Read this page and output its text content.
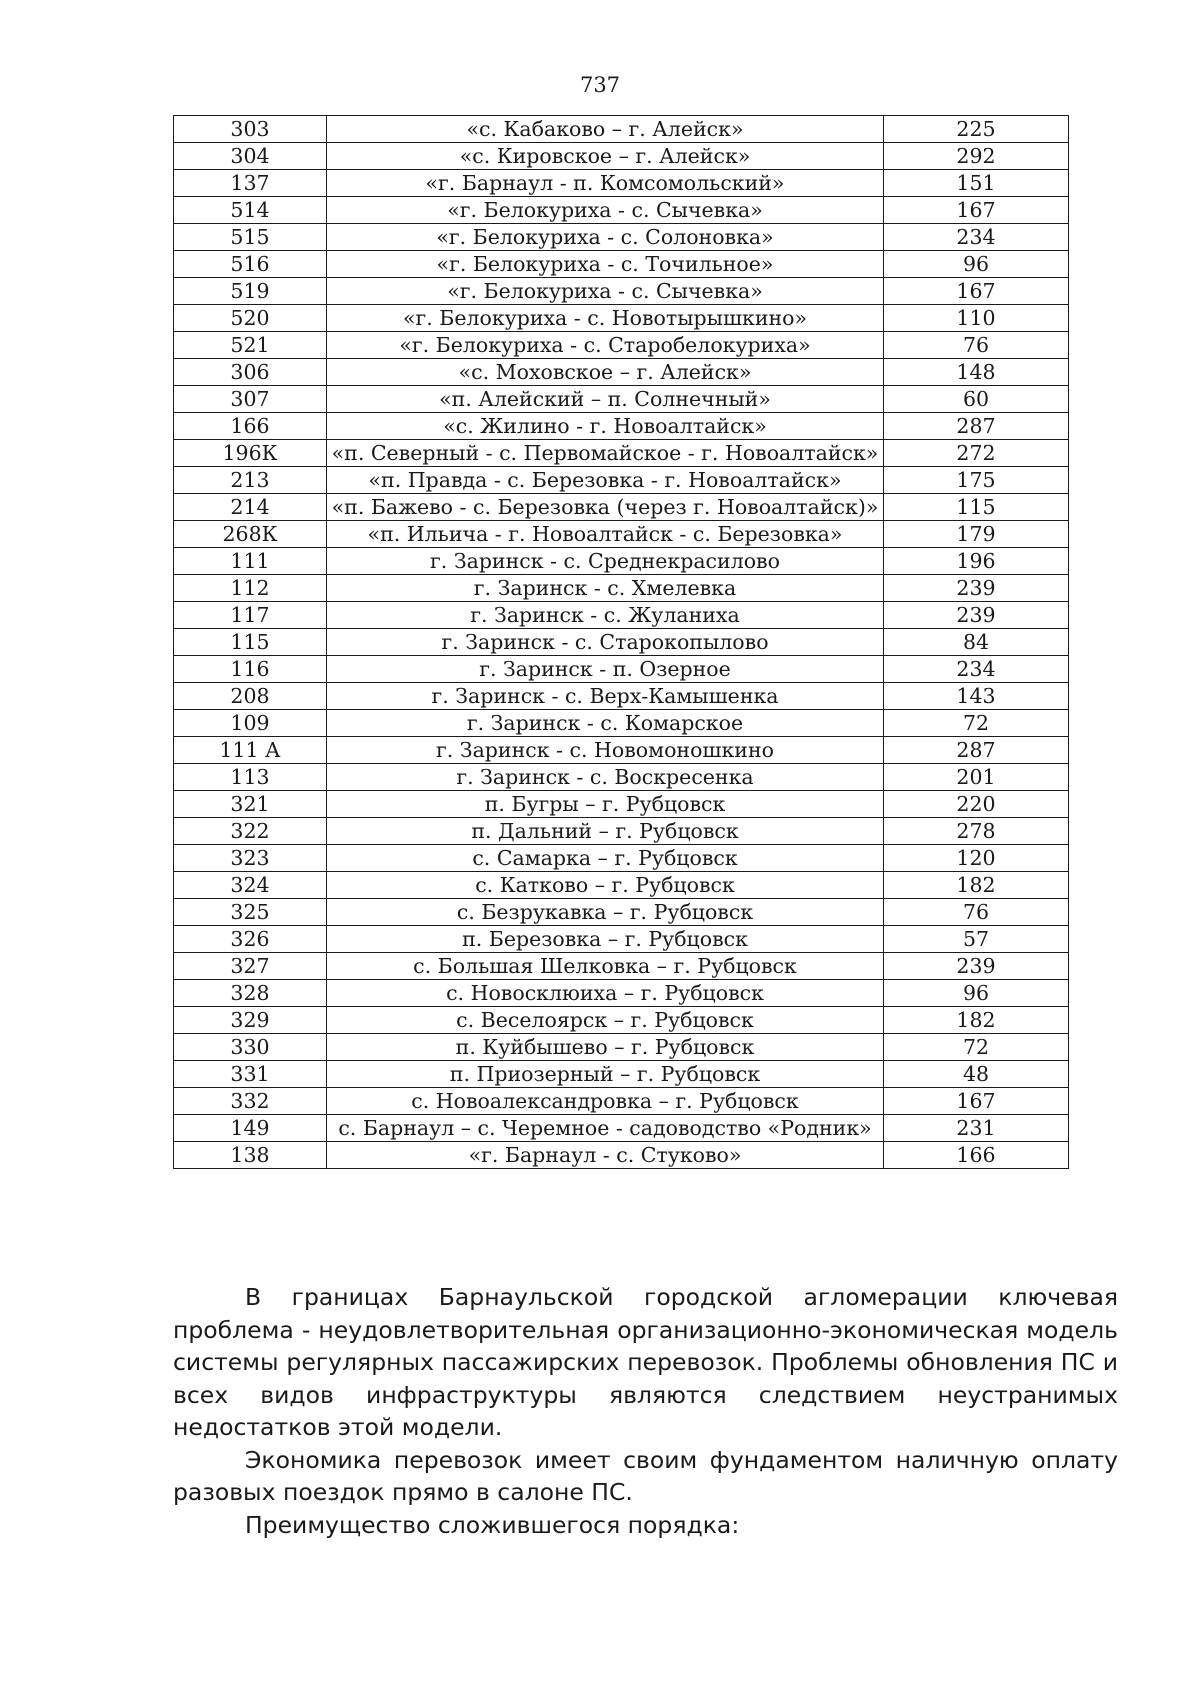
737
303	«с. Кабаково – г. Алейск»	225
304	«с. Кировское – г. Алейск»	292
137	«г. Барнаул - п. Комсомольский»	151
514	«г. Белокуриха - с. Сычевка»	167
515	«г. Белокуриха - с. Солоновка»	234
516	«г. Белокуриха - с. Точильное»	96
519	«г. Белокуриха - с. Сычевка»	167
520	«г. Белокуриха - с. Новотырышкино»	110
521	«г. Белокуриха - с. Старобелокуриха»	76
306	«с. Моховское – г. Алейск»	148
307	«п. Алейский – п. Солнечный»	60
166	«с. Жилино - г. Новоалтайск»	287
196К	«п. Северный - с. Первомайское - г. Новоалтайск»	272
213	«п. Правда - с. Березовка - г. Новоалтайск»	175
214	«п. Бажево - с. Березовка (через г. Новоалтайск)»	115
268К	«п. Ильича - г. Новоалтайск - с. Березовка»	179
111	г. Заринск - с. Среднекрасилово	196
112	г. Заринск - с. Хмелевка	239
117	г. Заринск - с. Жуланиха	239
115	г. Заринск - с. Старокопылово	84
116	г. Заринск - п. Озерное	234
208	г. Заринск - с. Верх-Камышенка	143
109	г. Заринск - с. Комарское	72
111 А	г. Заринск - с. Новомоношкино	287
113	г. Заринск - с. Воскресенка	201
321	п. Бугры – г. Рубцовск	220
322	п. Дальний – г. Рубцовск	278
323	с. Самарка – г. Рубцовск	120
324	с. Катково – г. Рубцовск	182
325	с. Безрукавка – г. Рубцовск	76
326	п. Березовка – г. Рубцовск	57
327	с. Большая Шелковка – г. Рубцовск	239
328	с. Новосклюиха – г. Рубцовск	96
329	с. Веселоярск – г. Рубцовск	182
330	п. Куйбышево – г. Рубцовск	72
331	п. Приозерный – г. Рубцовск	48
332	с. Новоалександровка – г. Рубцовск	167
149	с. Барнаул – с. Черемное - садоводство «Родник»	231
138	«г. Барнаул - с. Стуково»	166

В границах Барнаульской городской агломерации ключевая проблема - неудовлетворительная организационно-экономическая модель системы регулярных пассажирских перевозок. Проблемы обновления ПС и всех видов инфраструктуры являются следствием неустранимых недостатков этой модели.

Экономика перевозок имеет своим фундаментом наличную оплату разовых поездок прямо в салоне ПС.

Преимущество сложившегося порядка:
